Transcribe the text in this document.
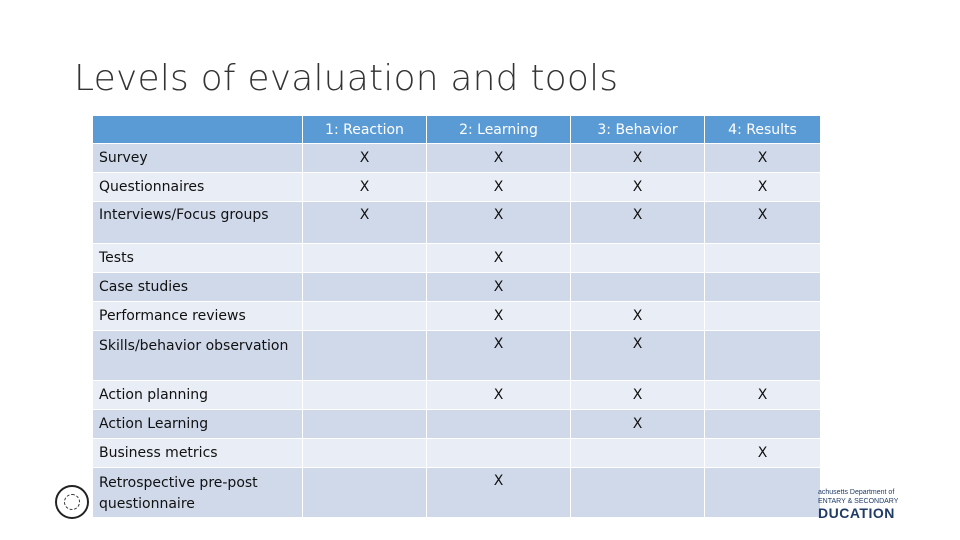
Levels of evaluation and tools
	1: Reaction	2: Learning	3: Behavior	4: Results
Survey	X	X	X	X
Questionnaires	X	X	X	X
Interviews/Focus groups	X	X	X	X
Tests		X		
Case studies		X		
Performance reviews		X	X	
Skills/behavior observation		X	X	
Action planning		X	X	X
Action Learning			X	
Business metrics				X
Retrospective pre-post questionnaire		X		
achusetts Department of
ENTARY & SECONDARY
DUCATION
